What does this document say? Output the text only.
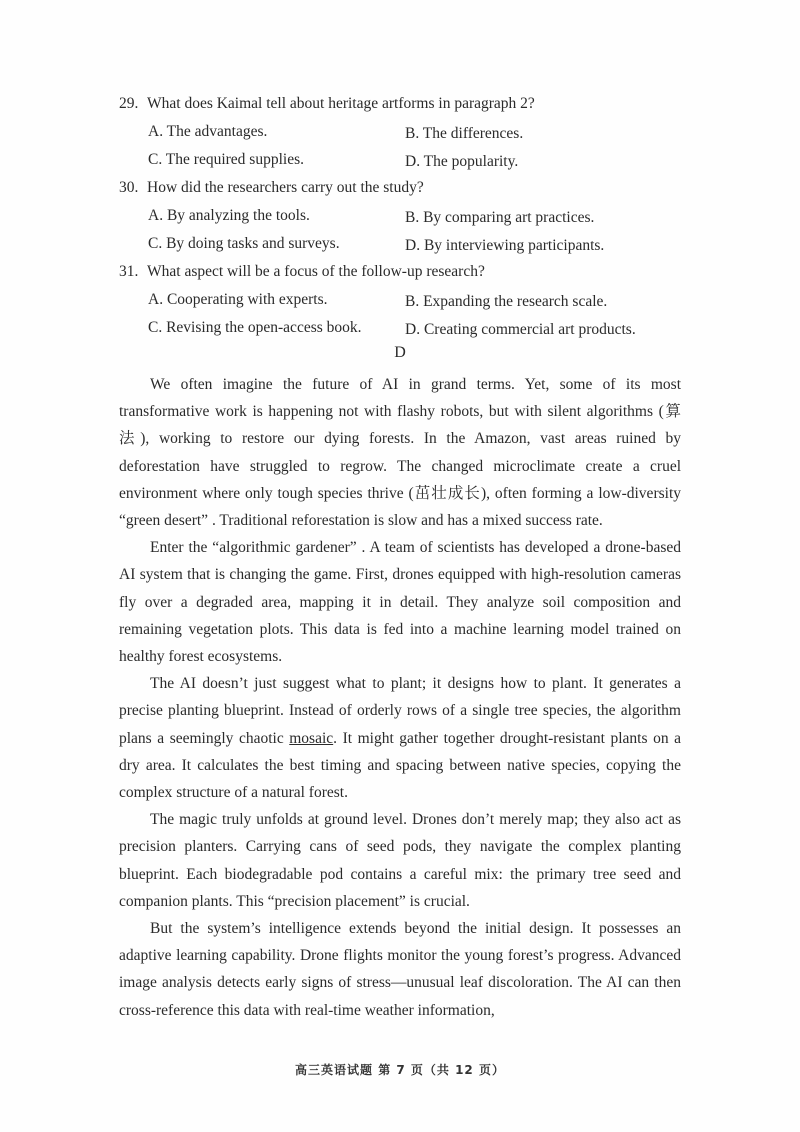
29. What does Kaimal tell about heritage artforms in paragraph 2?
A. The advantages.	B. The differences.
C. The required supplies.	D. The popularity.
30. How did the researchers carry out the study?
A. By analyzing the tools.	B. By comparing art practices.
C. By doing tasks and surveys.	D. By interviewing participants.
31. What aspect will be a focus of the follow-up research?
A. Cooperating with experts.	B. Expanding the research scale.
C. Revising the open-access book.	D. Creating commercial art products.
D

We often imagine the future of AI in grand terms. Yet, some of its most transformative work is happening not with flashy robots, but with silent algorithms (算法), working to restore our dying forests. In the Amazon, vast areas ruined by deforestation have struggled to regrow. The changed microclimate create a cruel environment where only tough species thrive (茁壮成长), often forming a low-diversity “green desert” . Traditional reforestation is slow and has a mixed success rate.

Enter the “algorithmic gardener” . A team of scientists has developed a drone-based AI system that is changing the game. First, drones equipped with high-resolution cameras fly over a degraded area, mapping it in detail. They analyze soil composition and remaining vegetation plots. This data is fed into a machine learning model trained on healthy forest ecosystems.

The AI doesn’t just suggest what to plant; it designs how to plant. It generates a precise planting blueprint. Instead of orderly rows of a single tree species, the algorithm plans a seemingly chaotic mosaic. It might gather together drought-resistant plants on a dry area. It calculates the best timing and spacing between native species, copying the complex structure of a natural forest.

The magic truly unfolds at ground level. Drones don’t merely map; they also act as precision planters. Carrying cans of seed pods, they navigate the complex planting blueprint. Each biodegradable pod contains a careful mix: the primary tree seed and companion plants. This “precision placement” is crucial.

But the system’s intelligence extends beyond the initial design. It possesses an adaptive learning capability. Drone flights monitor the young forest’s progress. Advanced image analysis detects early signs of stress—unusual leaf discoloration. The AI can then cross-reference this data with real-time weather information,

高三英语试题 第 7 页（共 12 页）
